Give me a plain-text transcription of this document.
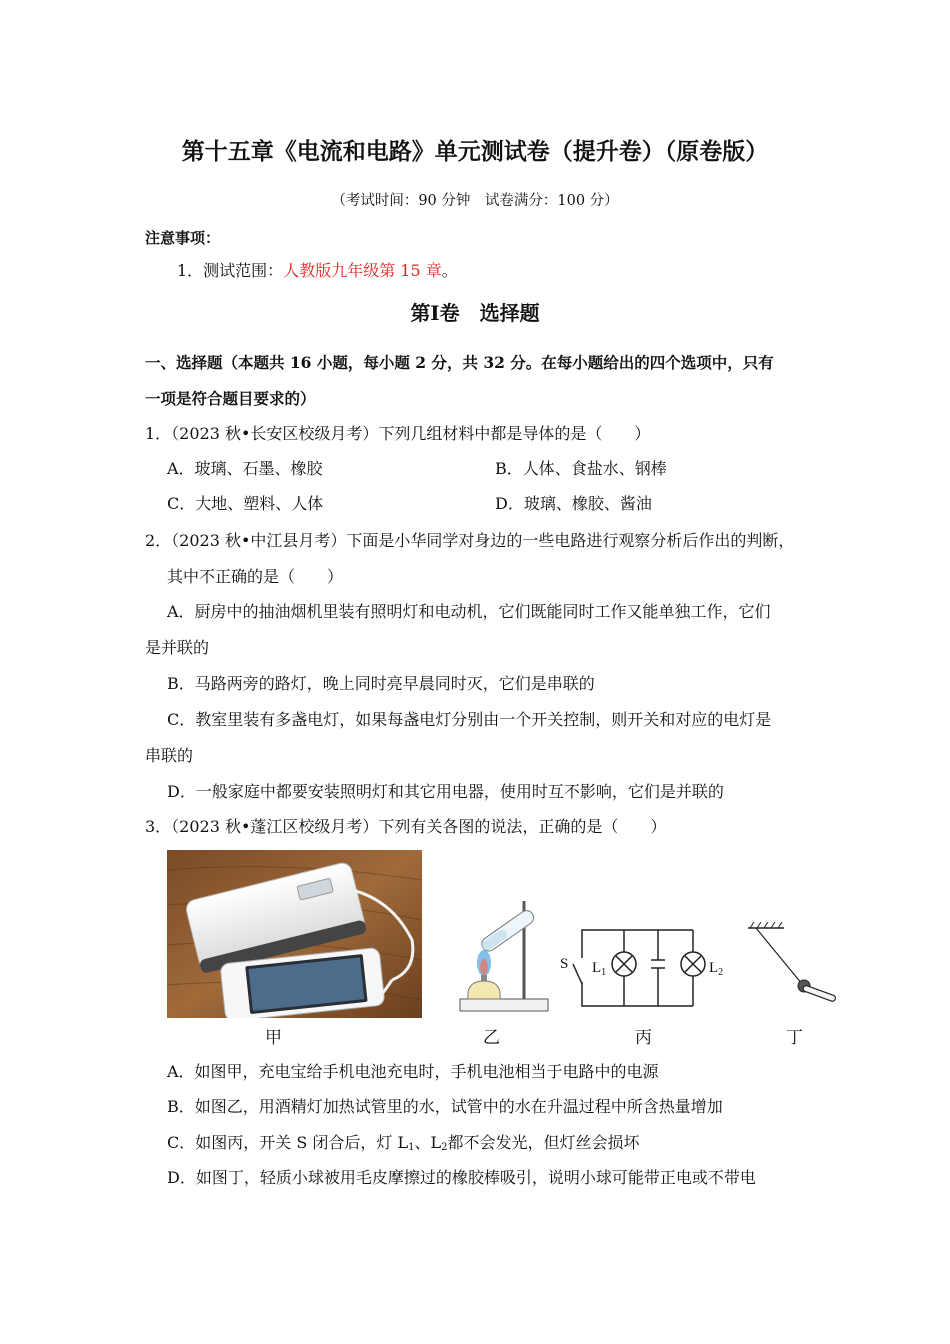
第十五章《电流和电路》单元测试卷（提升卷）（原卷版）
（考试时间：90 分钟　试卷满分：100 分）
注意事项：
1．测试范围：人教版九年级第 15 章。
第Ⅰ卷　选择题
一、选择题（本题共 16 小题，每小题 2 分，共 32 分。在每小题给出的四个选项中，只有
一项是符合题目要求的）
1．（2023 秋•长安区校级月考）下列几组材料中都是导体的是（　　）
A．玻璃、石墨、橡胶	B．人体、食盐水、钢棒
C．大地、塑料、人体	D．玻璃、橡胶、酱油
2．（2023 秋•中江县月考）下面是小华同学对身边的一些电路进行观察分析后作出的判断，
其中不正确的是（　　）
A．厨房中的抽油烟机里装有照明灯和电动机，它们既能同时工作又能单独工作，它们
是并联的
B．马路两旁的路灯，晚上同时亮早晨同时灭，它们是串联的
C．教室里装有多盏电灯，如果每盏电灯分别由一个开关控制，则开关和对应的电灯是
串联的
D．一般家庭中都要安装照明灯和其它用电器，使用时互不影响，它们是并联的
3．（2023 秋•蓬江区校级月考）下列有关各图的说法，正确的是（　　）
S $L_1$	$L_2$
甲	乙	丙	丁
A．如图甲，充电宝给手机电池充电时，手机电池相当于电路中的电源
B．如图乙，用酒精灯加热试管里的水，试管中的水在升温过程中所含热量增加
C．如图丙，开关 S 闭合后，灯 $L_1$、$L_2$都不会发光，但灯丝会损坏
D．如图丁，轻质小球被用毛皮摩擦过的橡胶棒吸引，说明小球可能带正电或不带电
